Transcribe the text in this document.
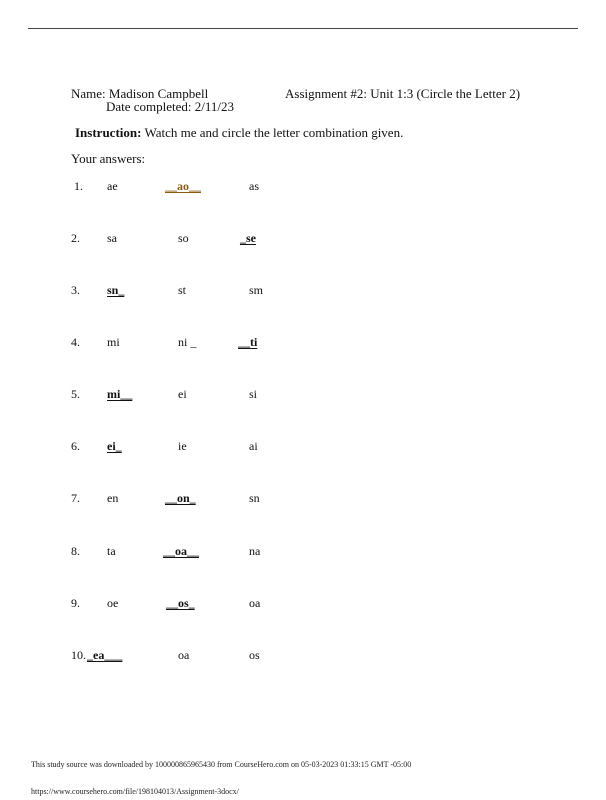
Name: Madison Campbell
Date completed: 2/11/23
Assignment #2: Unit 1:3 (Circle the Letter 2)
Instruction: Watch me and circle the letter combination given.
Your answers:
1. ae	__ao__	as
2. sa	so	_se
3. sn_	st	sm
4. mi	ni _	__ti
5. mi__	ei	si
6. ei_	ie	ai
7. en	__on_	sn
8. ta	__oa__	na
9. oe	__os_	oa
10. _ea___	oa	os
This study source was downloaded by 100000865965430 from CourseHero.com on 05-03-2023 01:33:15 GMT -05:00
https://www.coursehero.com/file/198104013/Assignment-3docx/
